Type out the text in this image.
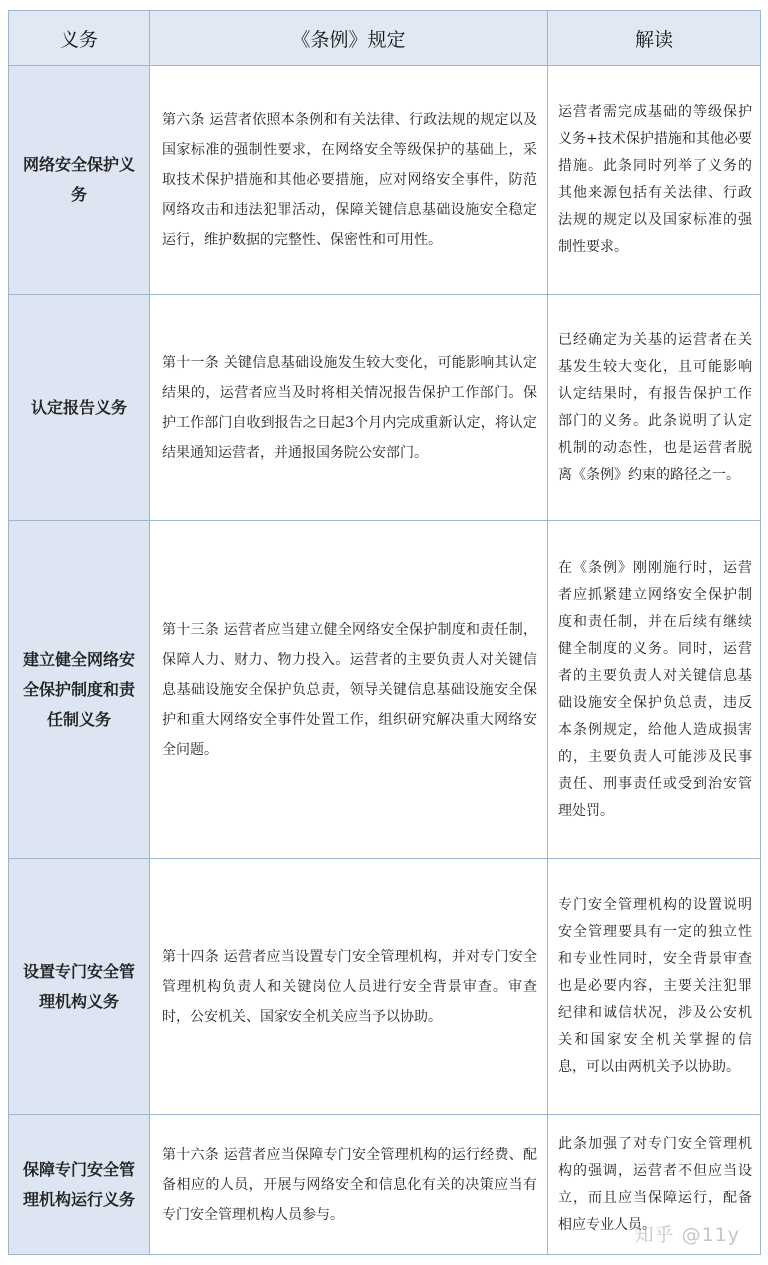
义务	《条例》规定	解读
网络安全保护义务	第六条 运营者依照本条例和有关法律、行政法规的规定以及国家标准的强制性要求，在网络安全等级保护的基础上，采取技术保护措施和其他必要措施，应对网络安全事件，防范网络攻击和违法犯罪活动，保障关键信息基础设施安全稳定运行，维护数据的完整性、保密性和可用性。	运营者需完成基础的等级保护义务+技术保护措施和其他必要措施。此条同时列举了义务的其他来源包括有关法律、行政法规的规定以及国家标准的强制性要求。
认定报告义务	第十一条 关键信息基础设施发生较大变化，可能影响其认定结果的，运营者应当及时将相关情况报告保护工作部门。保护工作部门自收到报告之日起3个月内完成重新认定，将认定结果通知运营者，并通报国务院公安部门。	已经确定为关基的运营者在关基发生较大变化，且可能影响认定结果时，有报告保护工作部门的义务。此条说明了认定机制的动态性，也是运营者脱离《条例》约束的路径之一。
建立健全网络安全保护制度和责任制义务	第十三条 运营者应当建立健全网络安全保护制度和责任制，保障人力、财力、物力投入。运营者的主要负责人对关键信息基础设施安全保护负总责，领导关键信息基础设施安全保护和重大网络安全事件处置工作，组织研究解决重大网络安全问题。	在《条例》刚刚施行时，运营者应抓紧建立网络安全保护制度和责任制，并在后续有继续健全制度的义务。同时，运营者的主要负责人对关键信息基础设施安全保护负总责，违反本条例规定，给他人造成损害的，主要负责人可能涉及民事责任、刑事责任或受到治安管理处罚。
设置专门安全管理机构义务	第十四条 运营者应当设置专门安全管理机构，并对专门安全管理机构负责人和关键岗位人员进行安全背景审查。审查时，公安机关、国家安全机关应当予以协助。	专门安全管理机构的设置说明安全管理要具有一定的独立性和专业性同时，安全背景审查也是必要内容，主要关注犯罪纪律和诚信状况，涉及公安机关和国家安全机关掌握的信息，可以由两机关予以协助。
保障专门安全管理机构运行义务	第十六条 运营者应当保障专门安全管理机构的运行经费、配备相应的人员，开展与网络安全和信息化有关的决策应当有专门安全管理机构人员参与。	此条加强了对专门安全管理机构的强调，运营者不但应当设立，而且应当保障运行，配备相应专业人员。
知乎 @11y
